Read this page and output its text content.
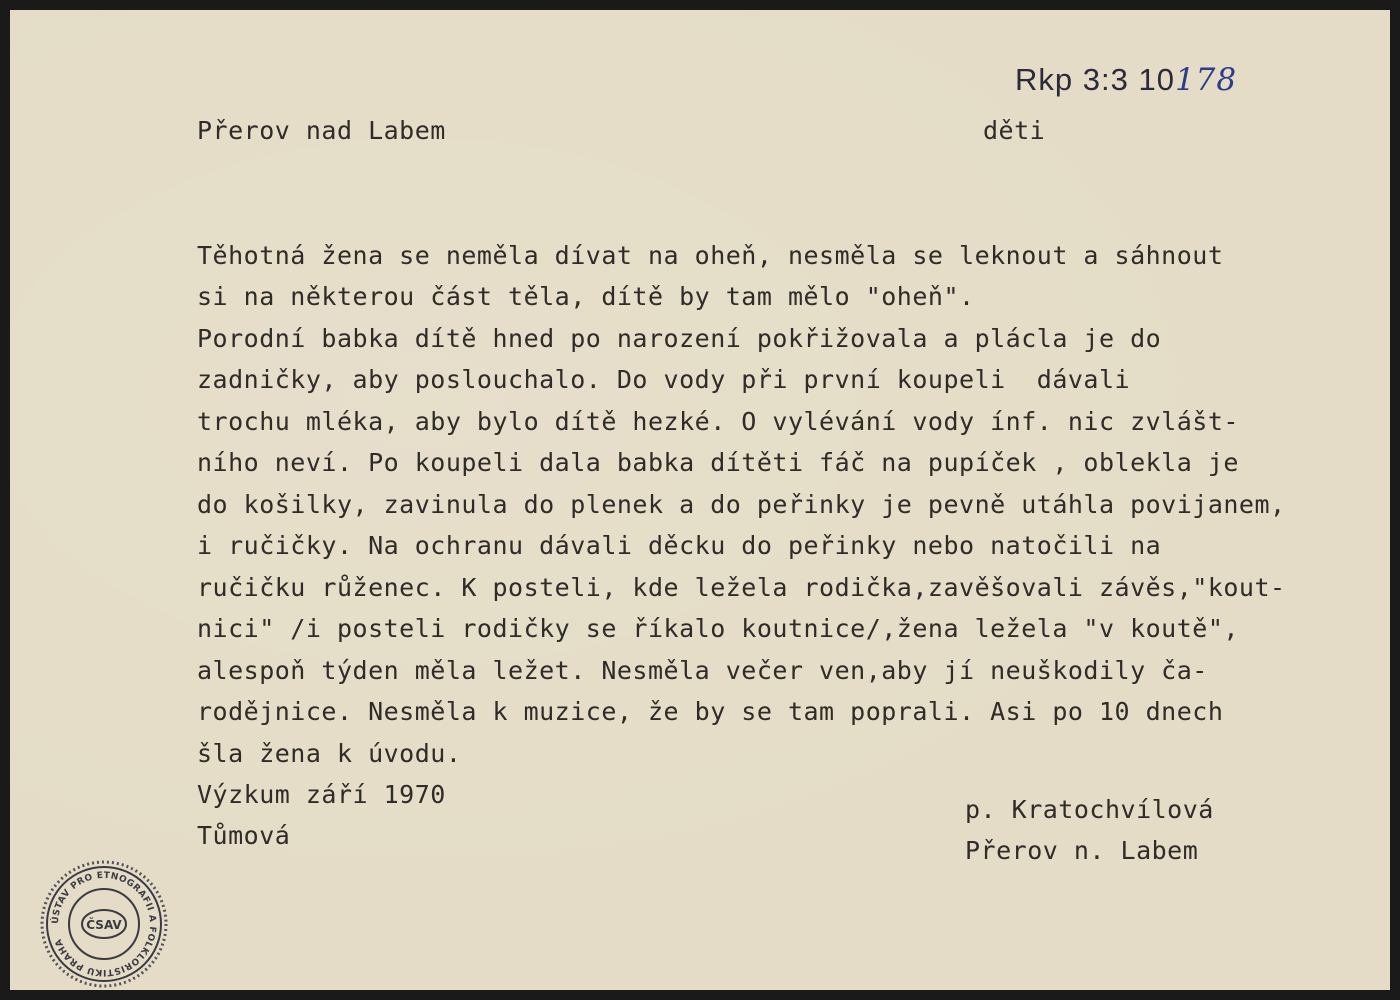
Rkp 3:3 10178
Přerov nad Labem	děti

Těhotná žena se neměla dívat na oheň, nesměla se leknout a sáhnout
si na některou část těla, dítě by tam mělo "oheň".
Porodní babka dítě hned po narození pokřižovala a plácla je do
zadničky, aby poslouchalo. Do vody při první koupeli  dávali
trochu mléka, aby bylo dítě hezké. O vylévání vody ínf. nic zvlášt-
ního neví. Po koupeli dala babka dítěti fáč na pupíček , oblekla je
do košilky, zavinula do plenek a do peřinky je pevně utáhla povijanem,
i ručičky. Na ochranu dávali děcku do peřinky nebo natočili na
ručičku růženec. K posteli, kde ležela rodička,zavěšovali závěs,"kout-
nici" /i posteli rodičky se říkalo koutnice/,žena ležela "v koutě",
alespoň týden měla ležet. Nesměla večer ven,aby jí neuškodily ča-
rodějnice. Nesměla k muzice, že by se tam poprali. Asi po 10 dnech
šla žena k úvodu.

Výzkum září 1970
Tůmová

p. Kratochvílová
Přerov n. Labem

ÚSTAV PRO ETNOGRAFII A FOLKLORISTIKU PRAHA
ČSAV
